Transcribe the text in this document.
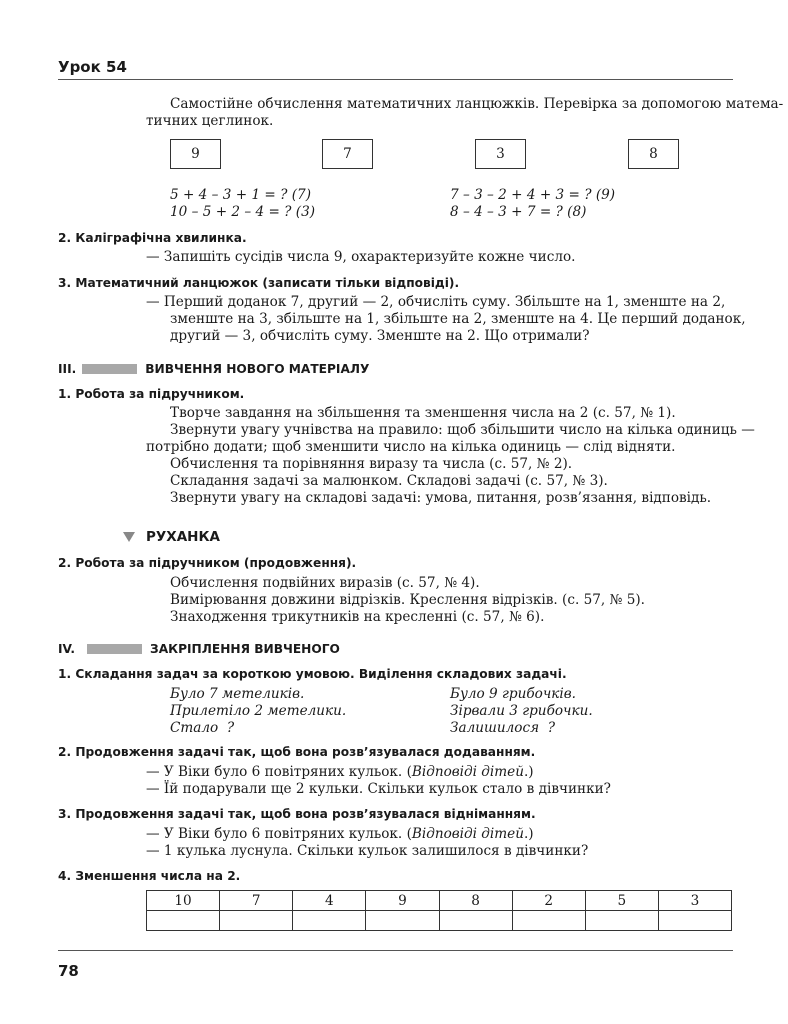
Урок 54
Самостійне обчислення математичних ланцюжків. Перевірка за допомогою матема-
тичних цеглинок.
9	7	3	8
5 + 4 – 3 + 1 = ? (7)
10 – 5 + 2 – 4 = ? (3)
7 – 3 – 2 + 4 + 3 = ? (9)
8 – 4 – 3 + 7 = ? (8)
2. Каліграфічна хвилинка.
— Запишіть сусідів числа 9, охарактеризуйте кожне число.
3. Математичний ланцюжок (записати тільки відповіді).
— Перший доданок 7, другий — 2, обчисліть суму. Збільште на 1, зменште на 2,
зменште на 3, збільште на 1, збільште на 2, зменште на 4. Це перший доданок,
другий — 3, обчисліть суму. Зменште на 2. Що отримали?
III.	ВИВЧЕННЯ НОВОГО МАТЕРІАЛУ
1. Робота за підручником.
Творче завдання на збільшення та зменшення числа на 2 (с. 57, № 1).
Звернути увагу учнівства на правило: щоб збільшити число на кілька одиниць —
потрібно додати; щоб зменшити число на кілька одиниць — слід відняти.
Обчислення та порівняння виразу та числа (с. 57, № 2).
Складання задачі за малюнком. Складові задачі (с. 57, № 3).
Звернути увагу на складові задачі: умова, питання, розв’язання, відповідь.
РУХАНКА
2. Робота за підручником (продовження).
Обчислення подвійних виразів (с. 57, № 4).
Вимірювання довжини відрізків. Креслення відрізків. (с. 57, № 5).
Знаходження трикутників на кресленні (с. 57, № 6).
IV.	ЗАКРІПЛЕННЯ ВИВЧЕНОГО
1. Складання задач за короткою умовою. Виділення складових задачі.
Було 7 метеликів.
Прилетіло 2 метелики.
Стало  ?
Було 9 грибочків.
Зірвали 3 грибочки.
Залишилося  ?
2. Продовження задачі так, щоб вона розв’язувалася додаванням.
— У Віки було 6 повітряних кульок. (Відповіді дітей.)
— Їй подарували ще 2 кульки. Скільки кульок стало в дівчинки?
3. Продовження задачі так, щоб вона розв’язувалася відніманням.
— У Віки було 6 повітряних кульок. (Відповіді дітей.)
— 1 кулька луснула. Скільки кульок залишилося в дівчинки?
4. Зменшення числа на 2.
10	7	4	9	8	2	5	3

78
